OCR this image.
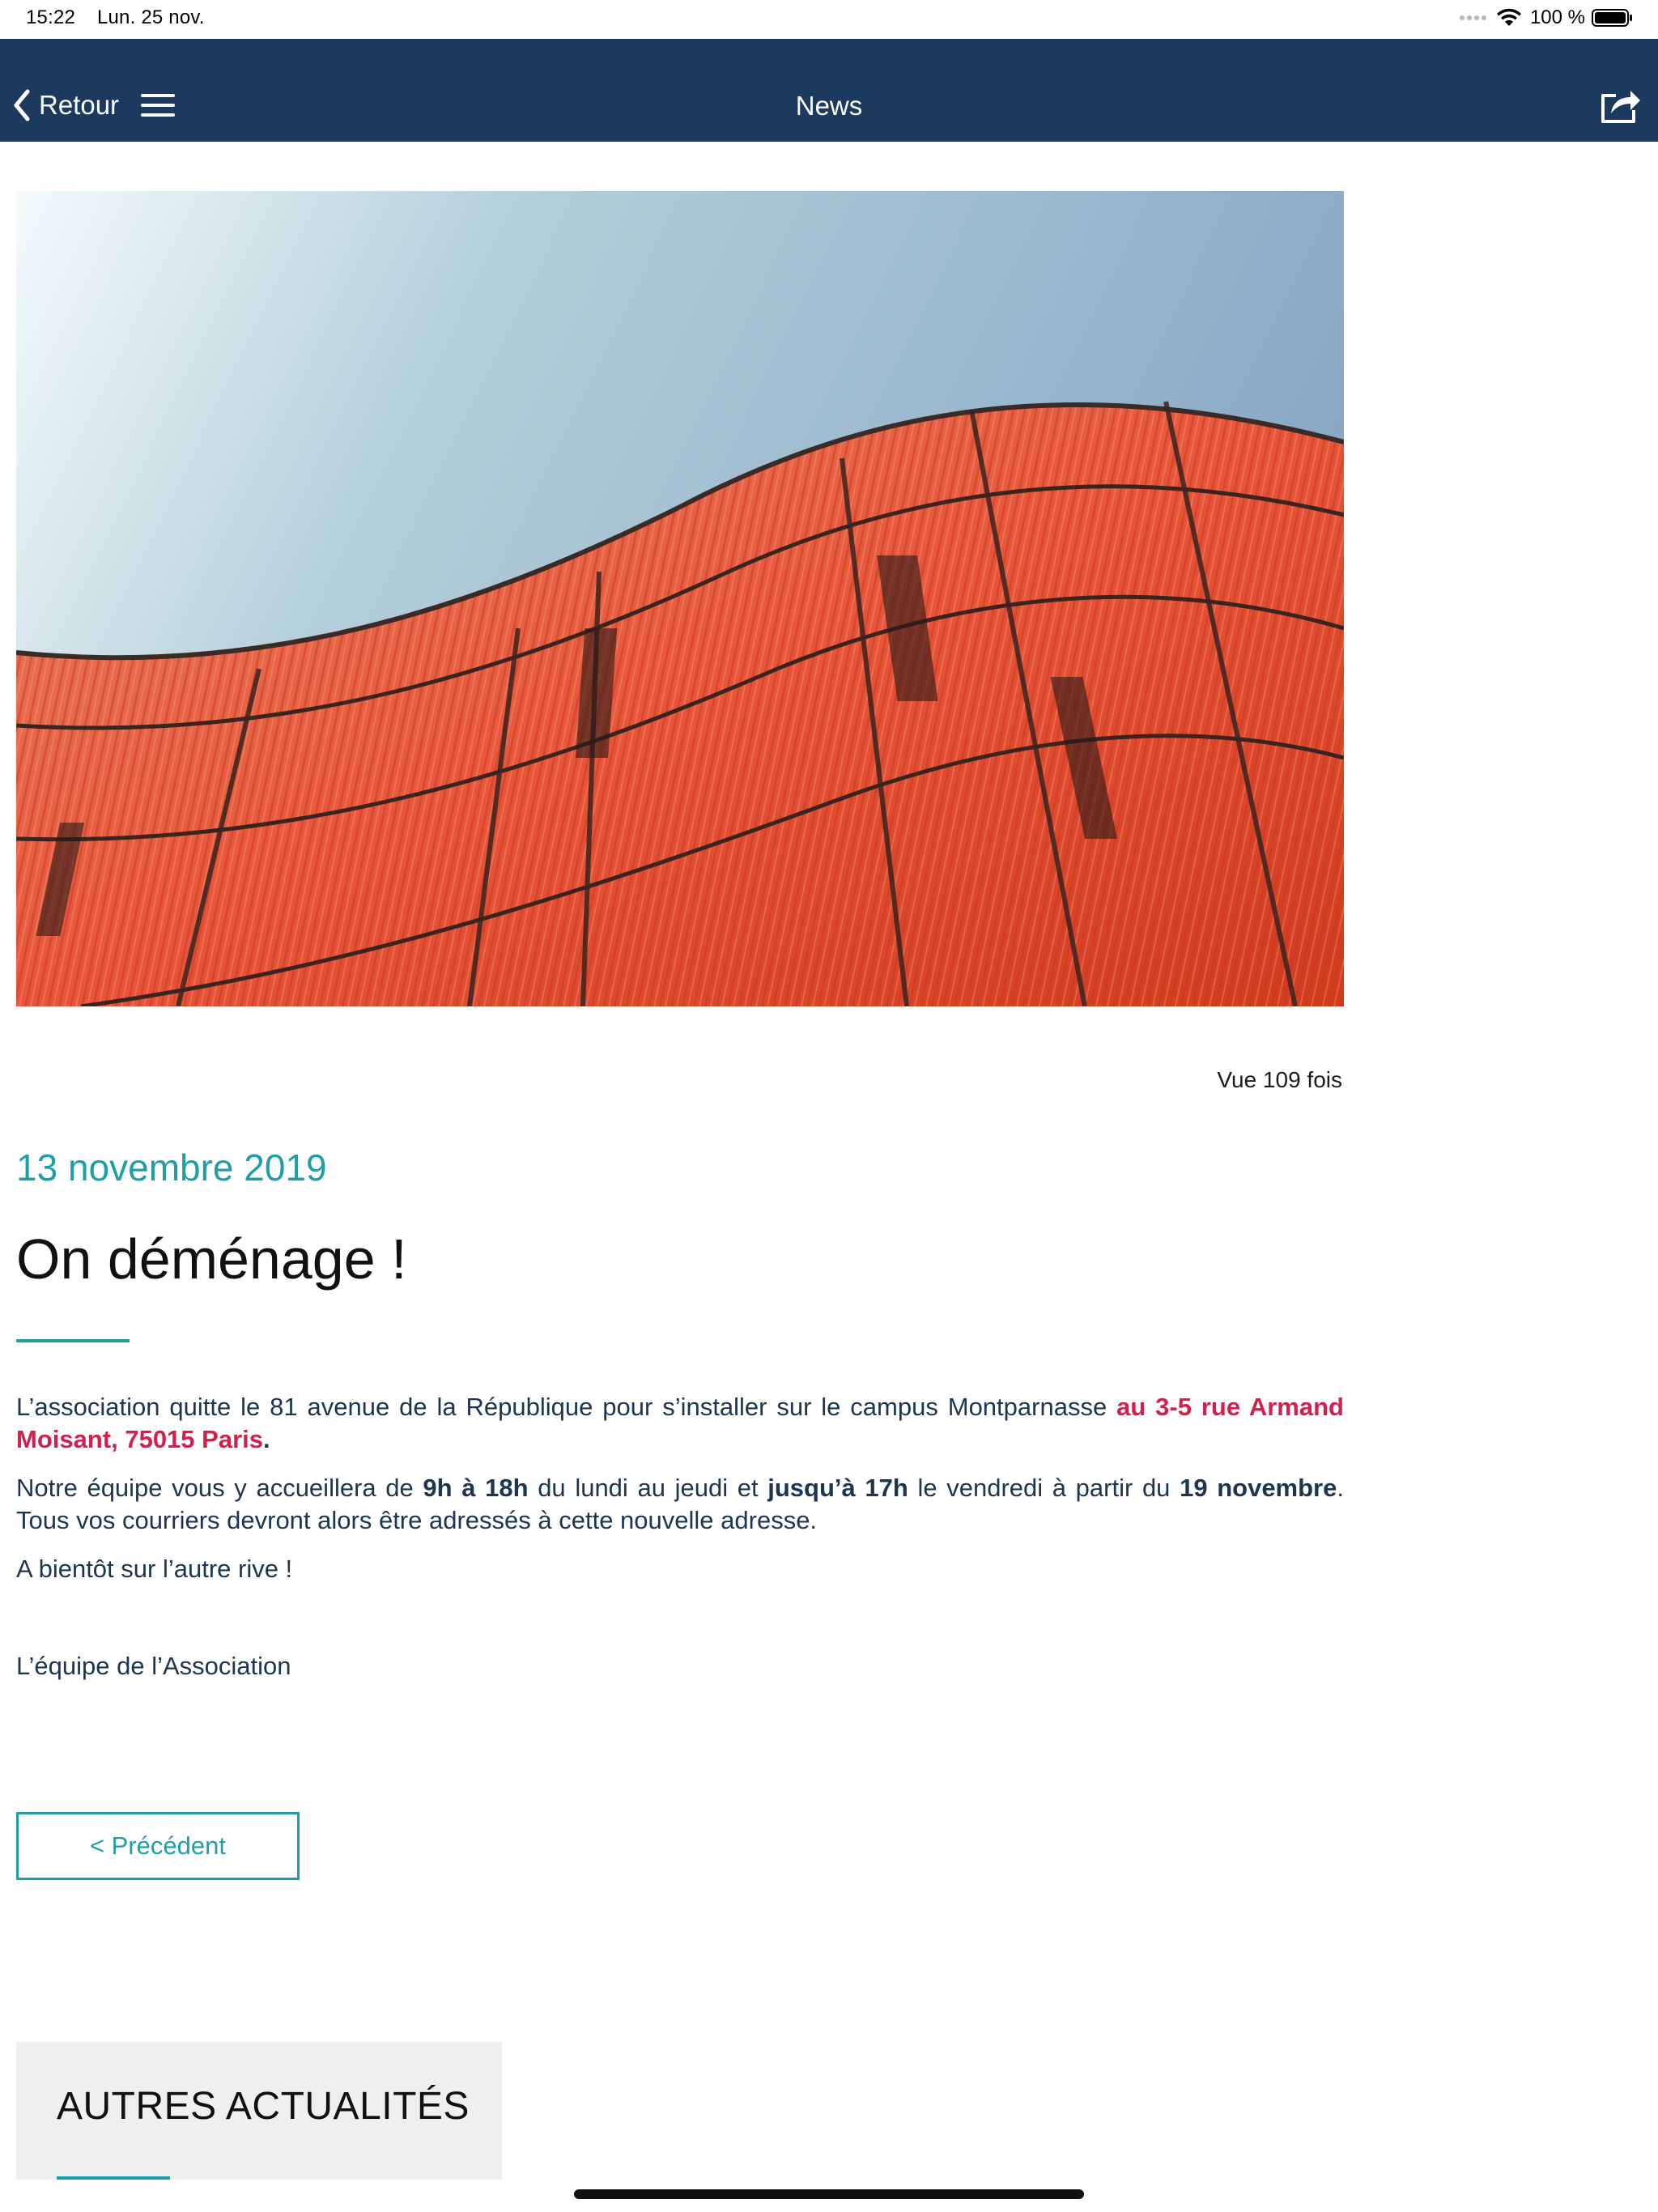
15:22 Lun. 25 nov.	100 %
Retour	News
Vue 109 fois
13 novembre 2019
On déménage !

L’association quitte le 81 avenue de la République pour s’installer sur le campus Montparnasse au 3-5 rue Armand Moisant, 75015 Paris.

Notre équipe vous y accueillera de 9h à 18h du lundi au jeudi et jusqu’à 17h le vendredi à partir du 19 novembre. Tous vos courriers devront alors être adressés à cette nouvelle adresse.

A bientôt sur l’autre rive !

L’équipe de l’Association

< Précédent
AUTRES ACTUALITÉS
